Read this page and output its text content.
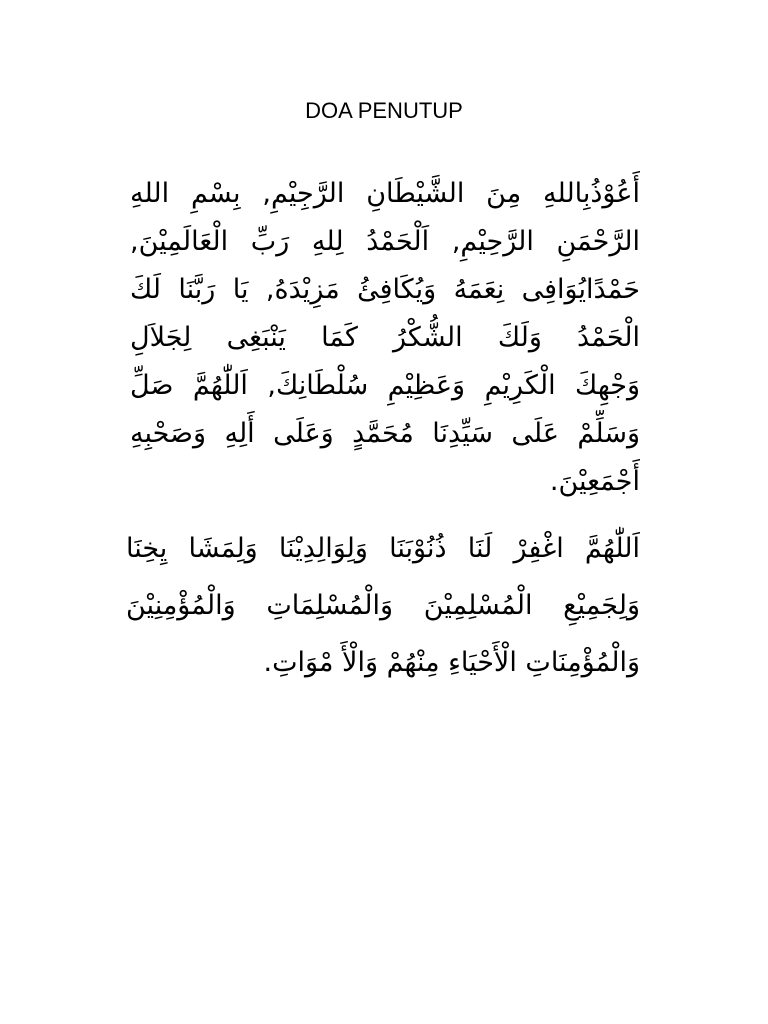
DOA PENUTUP
أَعُوْذُبِاللهِ مِنَ الشَّيْطَانِ الرَّجِيْمِ, بِسْمِ اللهِ
الرَّحْمَنِ الرَّحِيْمِ, اَلْحَمْدُ لِلهِ رَبِّ الْعَالَمِيْنَ,
حَمْدًايُوَافِى نِعَمَهُ وَيُكَافِئُ مَزِيْدَهُ, يَا رَبَّنَا لَكَ
الْحَمْدُ وَلَكَ الشُّكْرُ كَمَا يَنْبَغِى لِجَلاَلِ
وَجْهِكَ الْكَرِيْمِ وَعَظِيْمِ سُلْطَانِكَ, اَللّٰهُمَّ صَلِّ
وَسَلِّمْ عَلَى سَيِّدِنَا مُحَمَّدٍ وَعَلَى أَلِهِ وَصَحْبِهِ
أَجْمَعِيْنَ.
اَللّٰهُمَّ اغْفِرْ لَنَا ذُنُوْبَنَا وَلِوَالِدِيْنَا وَلِمَشَا يِخِنَا
وَلِجَمِيْعِ الْمُسْلِمِيْنَ وَالْمُسْلِمَاتِ وَالْمُؤْمِنِيْنَ
وَالْمُؤْمِنَاتِ الْأَحْيَاءِ مِنْهُمْ وَالْأَ مْوَاتِ.
